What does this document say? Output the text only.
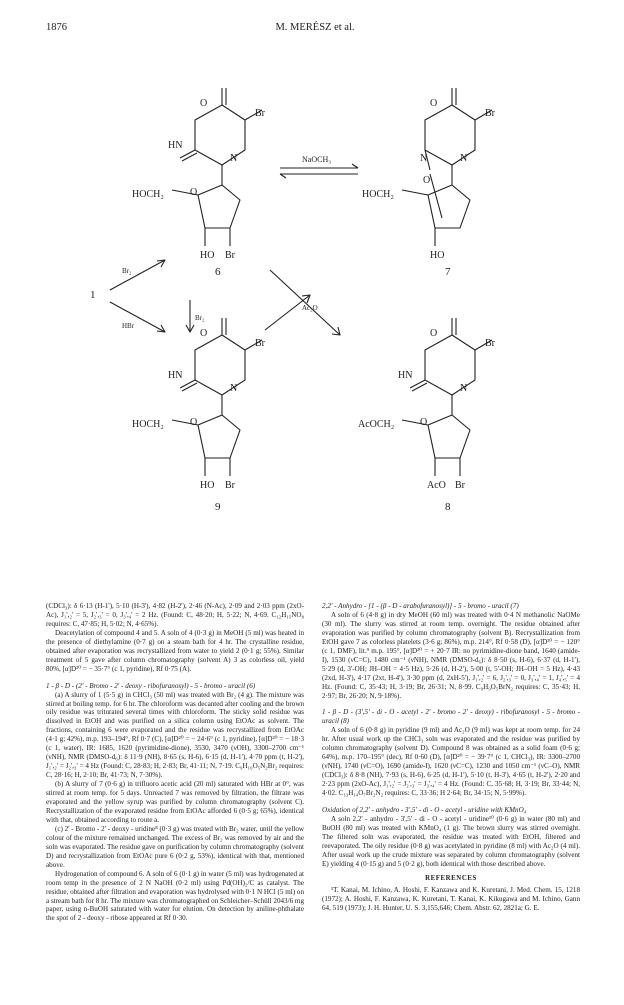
1876	M. MERÉSZ et al.
O
Br
HN
N
HOCH₂	O
HO Br
6
O
Br
N	N
HOCH₂
O
HO
7
NaOCH₃
1
Br₂
HBr
Br₂
Ac₂O
O
Br
HN
N
HOCH₂	O
HO Br
9
O
Br
HN
N
AcOCH₂	O
AcO Br
8

(CDCl₃): δ 6·13 (H-1'), 5·10 (H-3'), 4·82 (H-2'), 2·46 (N-Ac), 2·09 and 2·03 ppm (2xO-Ac), J₁',₂' = 5, J₂',₃' = 0, J₃',₄' = 2 Hz. (Found: C, 48·20; H, 5·22; N, 4·69. C₁₂H₁₅NO₈ requires: C, 47·85; H, 5·02; N, 4·65%).

Deacetylation of compound 4 and 5. A soln of 4 (0·3 g) in MeOH (5 ml) was heated in the presence of diethylamine (0·7 g) on a steam bath for 4 hr. The crystalline residue, obtained after evaporation was recrystallized from water to yield 2 (0·1 g; 55%). Similar treatment of 5 gave after column chromatography (solvent A) 3 as colorless oil, yield 80%, [α]D²⁰ = − 35·7° (c 1, pyridine), Rf 0·75 (A).

1 - β - D - (2' - Bromo - 2' - deoxy - ribofuranosyl) - 5 - bromo - uracil (6)

(a) A slurry of 1 (5·5 g) in CHCl₃ (50 ml) was treated with Br₂ (4 g). The mixture was stirred at boiling temp. for 6 hr. The chloroform was decanted after cooling and the brown oily residue was triturated several times with chloroform. The sticky solid residue was dissolved in EtOH and was purified on a silica column using EtOAc as solvent. The fractions, containing 6 were evaporated and the residue was recrystallized from EtOAc (4·1 g; 42%), m.p. 193–194°, Rf 0·7 (C), [α]D²⁰ = − 24·6° (c 1, pyridine), [α]D²⁰ = − 18·3 (c 1, water), IR: 1685, 1620 (pyrimidine-dione), 3530, 3470 (νOH), 3300–2700 cm⁻¹ (νNH), NMR (DMSO-d₆): δ 11·9 (NH), 8·65 (s, H-6), 6·15 (d, H-1'), 4·70 ppm (t, H-2'), J₁',₂' = J₂',₃' = 4 Hz (Found: C, 28·83; H, 2·83; Br, 41·11; N, 7·19. C₉H₁₀O₅N₂Br₂ requires: C, 28·16; H, 2·10; Br, 41·73; N, 7·30%).

(b) A slurry of 7 (0·6 g) in trifluoro acetic acid (20 ml) saturated with HBr at 0°, was stirred at room temp. for 5 days. Unreacted 7 was removed by filtration, the filtrate was evaporated and the yellow syrup was purified by column chromatography (solvent C). Recrystallization of the evaporated residue from EtOAc afforded 6 (0·5 g; 65%), identical with that, obtained according to route a.

(c) 2' - Bromo - 2' - deoxy - uridine⁸ (0·3 g) was treated with Br₂ water, until the yellow colour of the mixture remained unchanged. The excess of Br₂ was removed by air and the soln was evaporated. The residue gave on purification by column chromatography (solvent D) and recrystallization from EtOAc pure 6 (0·2 g, 53%), identical with that, mentioned above.

Hydrogenation of compound 6. A soln of 6 (0·1 g) in water (5 ml) was hydrogenated at room temp in the presence of 2 N NaOH (0·2 ml) using Pd(OH)₂/C as catalyst. The residue, obtained after filtration and evaporation was hydrolysed with 0·1 N HCl (5 ml) on a stream bath for 8 hr. The mixture was chromatographed on Schleicher–Schüll 2043/6 mg paper, using n-BuOH saturated with water for elution. On detection by aniline-phthalate the spot of 2 - deoxy - ribose appeared at Rf 0·30.

2,2' - Anhydro - [1 - (β - D - arabofuranosyl)] - 5 - bromo - uracil (7)

A soln of 6 (4·8 g) in dry MeOH (60 ml) was treated with 0·4 N methanolic NaOMe (30 ml). The slurry was stirred at room temp. overnight. The residue obtained after evaporation was purified by column chromatography (solvent B). Recrystallization from EtOH gave 7 as colorless platelets (3·6 g; 86%), m.p. 214°, Rf 0·58 (D), [α]D²⁰ = − 120° (c 1, DMF), lit.⁹ m.p. 195°, [α]D²⁰ = + 20·7 IR: no pyrimidine-dione band, 1640 (amide-I), 1530 (νC=C), 1480 cm⁻¹ (νNH), NMR (DMSO-d₆): δ 8·50 (s, H-6), 6·37 (d, H-1'), 5·29 (d, 3'-OH; JH–OH = 4·5 Hz), 5·26 (d, H-2'), 5·00 (t, 5'-OH; JH–OH = 5 Hz), 4·43 (2xd, H-3'), 4·17 (2xt, H-4'), 3·30 ppm (d, 2xH-5'), J₁',₂' = 6, J₂',₃' = 0, J₃',₄' = 1, J₄',₅' = 4 Hz. (Found: C, 35·43; H, 3·19; Br, 26·31; N, 8·99. C₉H₉O₅BrN₂ requires: C, 35·43; H, 2·97; Br, 26·20; N, 9·18%).

1 - β - D - (3',5' - di - O - acetyl - 2' - bromo - 2' - deoxy) - ribofuranosyl - 5 - bromo - uracil (8)

A soln of 6 (0·8 g) in pyridine (9 ml) and Ac₂O (9 ml) was kept at room temp. for 24 hr. After usual work up the CHCl₃ soln was evaporated and the residue was purified by column chromatography (solvent D). Compound 8 was obtained as a solid foam (0·6 g; 64%), m.p. 170–195° (dec), Rf 0·60 (D), [α]D²⁰ = − 39·7° (c 1, CHCl₃), IR: 3300–2700 (νNH), 1740 (νC=O), 1690 (amide-I), 1620 (νC=C), 1230 and 1050 cm⁻¹ (νC–O), NMR (CDCl₃): δ 8·8 (NH), 7·93 (s, H-6), 6·25 (d, H-1'), 5·10 (t, H-3'), 4·65 (t, H-2'), 2·20 and 2·23 ppm (2xO-Ac), J₁',₂' = J₂',₃' = J₃',₄' = 4 Hz. (Found: C, 35·68; H, 3·19; Br, 33·44; N, 4·02. C₁₃H₁₄O₇Br₂N₂ requires: C, 33·36; H 2·64; Br, 34·15; N, 5·99%).

Oxidation of 2,2' - anhydro - 3',5' - di - O - acetyl - uridine with KMnO₄

A soln 2,2' - anhydro - 3',5' - di - O - acetyl - uridine¹⁰ (0·6 g) in water (80 ml) and BuOH (80 ml) was treated with KMnO₄ (1 g). The brown slurry was stirred overnight. The filtered soln was evaporated, the residue was treated with EtOH, filtered and reevaporated. The oily residue (0·8 g) was acetylated in pyridine (8 ml) with Ac₂O (4 ml). After usual work up the crude mixture was separated by column chromatography (solvent E) yielding 4 (0·15 g) and 5 (0·2 g), both identical with those described above.

REFERENCES

¹T. Kanai, M. Ichino, A. Hoshi, F. Kanzawa and K. Kuretani, J. Med. Chem. 15, 1218 (1972); A. Hoshi, F. Kanzawa, K. Kuretani, T. Kanai, K. Kikugawa and M. Ichino, Gann 64, 519 (1973); J. H. Hunter, U. S. 3,155,646; Chem. Abstr. 62, 2821a; G. E.
